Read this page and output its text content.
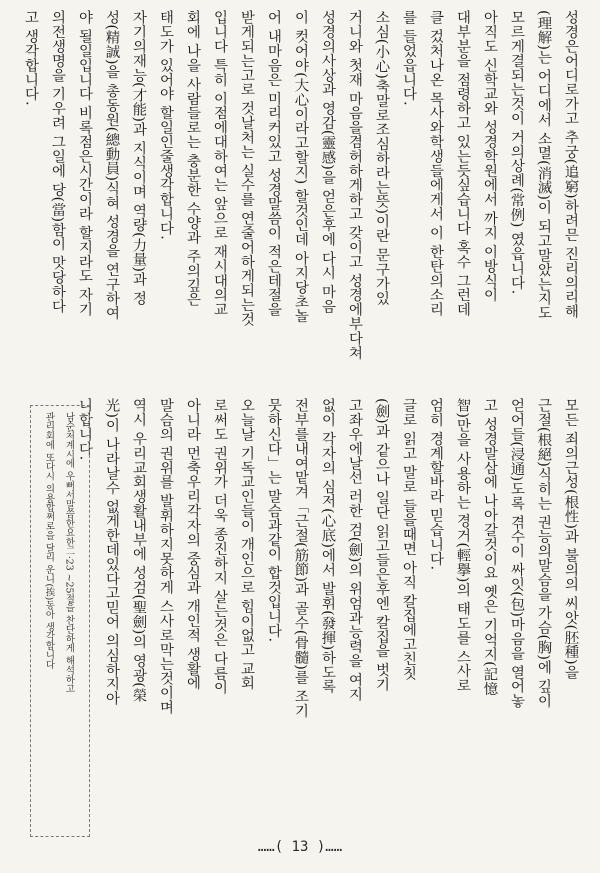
성경은어디로가고 추궁(追窮)하려믄 진리의리해
(理解)는 어디에서 소멸(消滅)이 되고말았는지도
모르게결되는것이 거의상례(常例) 였읍니다.
아직도 신학교와 성경학원에서 까지 이방식이
대부분을 점령하고 있는듯싶습니다 혹수 그런데
클 겄처나온 목사와학생들에게서 이 한탄의소리
를 들었읍니다.
소심(小心)축말로조심하라는뜻)이란 문구가있
거니와 첫재 마음을겸허하게하고 갖이고 성경에부다쳐
성경의사상과 영감(靈感)을 얻은후에 다시 마음
이 컷어야(大心이라고할지) 할것인데 아지당초놀
어 내마음은 미리커있고 성경말씀이 적은테절을
받게되는고로 것날처는 실수를 연줄어하게되는것
입니다 특히 이점에대하여는 앞으로 재시대의교
회에 나을 사람들로는 충분한 수양과 주의깊은
태도가 있어야 할일인줄생각합니다.
자기의재능(才能)과 지식이며 역량(力量)과 정
성(精誠)을 총동원(總動員)식혀 성경을 연구하여
야 될일입니다 비록점은시간이라 할지라도 자기
의전생명을 기우려 그일에 당(當)함이 맛당하다
고 생각합니다.
모든 죄의근성(根性)과 불의의 씨앗(胚種)을
근절(根絕)식히는 권능의말슴을 가슴(胸)에 깊이
얻어들(浸通)도록 겪수이 싸잇(包)마음을 열어놓
고 성경말삼에 나아갈것이요 옛은 기억지(記憶
智)만을 사용하는 경거(輕擧)의 태도를 스사로
엄히 경계할바라 믿습니다.
글로 읽고 말로 들을때면 아직 칼집에고친칫
(劍)과 같으나 일단 읽고들은후엔 칼집을 벗기
고좌우에날선 러한 검(劍)의 위엄과능력을 여지
없이 각자의 심저(心底)에서 발휘(發揮)하도록
전부를내여맡겨「근절(筋節)과 골수(骨髓)를 조기
뭇하신다」는 말슴과같이 합것입니다.
오늘날 기독교인들이 개인으로 힘이없고 교회
로써도 권위가 더욱 종진하지 살는것은 다름이
아니라 먼축우리각자의 중심과 개인적 생활에
말슴의 권위를 발휘하지못하게 스사로막는것이며
역시 우리교회생활내부에 성검(聖劍)의 영광(榮
光)이 나라날수 없게한데있다고믿어 의심하지아
니합니다.
남순처계시에 우뻐서말씀한요한二·23 ~25절을 찬단하게 해석하고
관리회에 또다시 의용합쩌로을 달리 운니(挨)동아 생각합니다
……( 13 )……
